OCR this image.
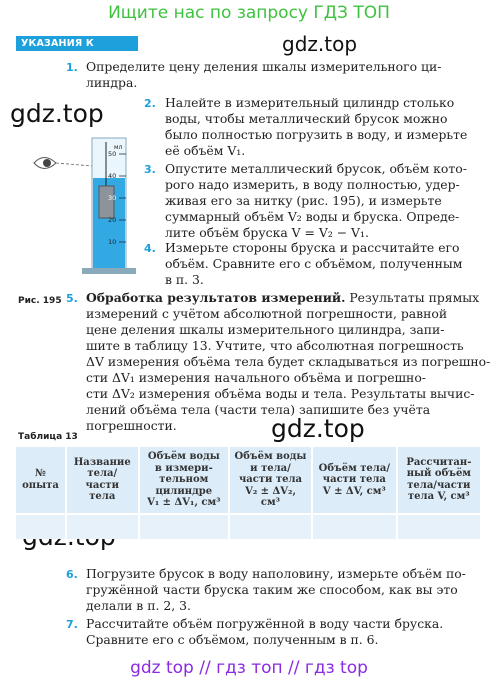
Ищите нас по запросу ГДЗ ТОП
УКАЗАНИЯ К РАБОТЕ
gdz.top
gdz.top
gdz.top
1. Определите цену деления шкалы измерительного ци-
линдра.
мл
50
40
30
20
10
Рис. 195
2. Налейте в измерительный цилиндр столько
воды, чтобы металлический брусок можно
было полностью погрузить в воду, и измерьте
её объём V₁.
3. Опустите металлический брусок, объём кото-
рого надо измерить, в воду полностью, удер-
живая его за нитку (рис. 195), и измерьте
суммарный объём V₂ воды и бруска. Опреде-
лите объём бруска V = V₂ − V₁.
4. Измерьте стороны бруска и рассчитайте его
объём. Сравните его с объёмом, полученным
в п. 3.
5. Обработка результатов измерений. Результаты прямых
измерений с учётом абсолютной погрешности, равной
цене деления шкалы измерительного цилиндра, запи-
шите в таблицу 13. Учтите, что абсолютная погрешность
ΔV измерения объёма тела будет складываться из погрешно-
сти ΔV₁ измерения начального объёма и погрешно-
сти ΔV₂ измерения объёма воды и тела. Результаты вычис-
лений объёма тела (части тела) запишите без учёта
погрешности.
Таблица 13
№
опыта	Название
тела/
части
тела	Объём воды
в измери-
тельном
цилиндре
V₁ ± ΔV₁, см³	Объём воды
и тела/
части тела
V₂ ± ΔV₂,
см³	Объём тела/
части тела
V ± ΔV, см³	Рассчитан-
ный объём
тела/части
тела V, см³

6. Погрузите брусок в воду наполовину, измерьте объём по-
гружённой части бруска таким же способом, как вы это
делали в п. 2, 3.
7. Рассчитайте объём погружённой в воду части бруска.
Сравните его с объёмом, полученным в п. 6.
gdz top // гдз топ // гдз top
